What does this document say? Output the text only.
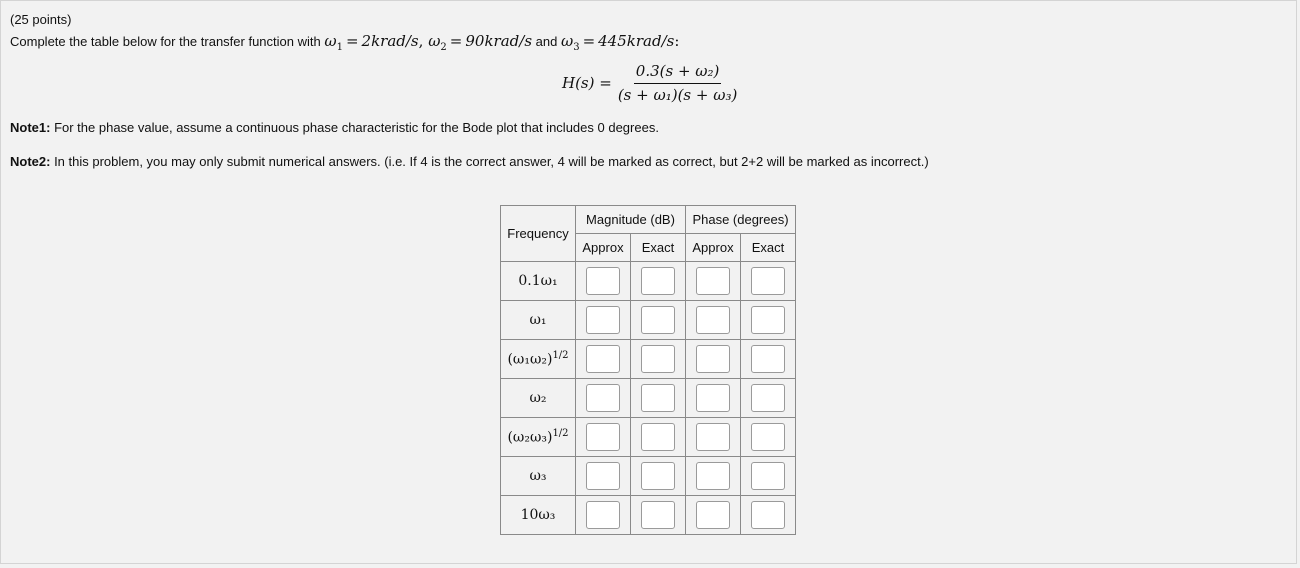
(25 points)
Complete the table below for the transfer function with $\omega_1$ = 2krad/s, $\omega_2$ = 90krad/s and $\omega_3$ = 445krad/s:
$H(s) = \frac{\text{0.3(s + ω₂)}}{\text{(s + ω₁)(s + ω₃)}}$
Note1: For the phase value, assume a continuous phase characteristic for the Bode plot that includes 0 degrees.
Note2: In this problem, you may only submit numerical answers. (i.e. If 4 is the correct answer, 4 will be marked as correct, but 2+2 will be marked as incorrect.)
Frequency	Magnitude (dB)		Phase (degrees)	
	Approx	Exact	Approx	Exact
0.1ω₁	

ω₁	

$(\omega_1\omega_2)^{1/2}$	

ω₂	

$(\omega_2\omega_3)^{1/2}$	

ω₃	

10ω₃	
